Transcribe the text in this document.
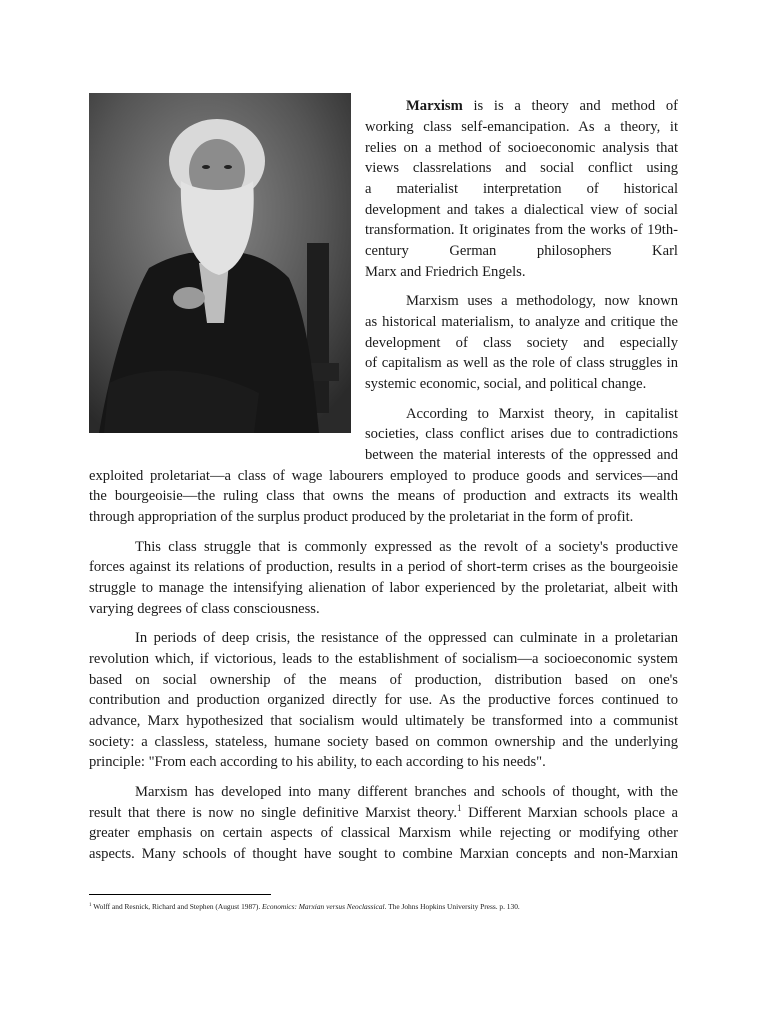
Marxism is is a theory and method of
working class self-emancipation. As a theory, it
relies on a method of socioeconomic analysis that
views classrelations and social conflict using
a materialist interpretation of historical
development and takes a dialectical view of social
transformation. It originates from the works of 19th-
century German philosophers Karl
Marx and Friedrich Engels.
Marxism uses a methodology, now known
as historical materialism, to analyze and critique the
development of class society and especially
of capitalism as well as the role of class struggles in
systemic economic, social, and political change.
According to Marxist theory, in capitalist
societies, class conflict arises due to contradictions
between the material interests of the oppressed and
exploited proletariat—a class of wage labourers employed to produce goods and services—and
the bourgeoisie—the ruling class that owns the means of production and extracts its wealth
through appropriation of the surplus product produced by the proletariat in the form of profit.
This class struggle that is commonly expressed as the revolt of a society's productive
forces against its relations of production, results in a period of short-term crises as the bourgeoisie
struggle to manage the intensifying alienation of labor experienced by the proletariat, albeit with
varying degrees of class consciousness.
In periods of deep crisis, the resistance of the oppressed can culminate in a proletarian
revolution which, if victorious, leads to the establishment of socialism—a socioeconomic system
based on social ownership of the means of production, distribution based on one's
contribution and production organized directly for use. As the productive forces continued to
advance, Marx hypothesized that socialism would ultimately be transformed into a communist
society: a classless, stateless, humane society based on common ownership and the underlying
principle: "From each according to his ability, to each according to his needs".
Marxism has developed into many different branches and schools of thought, with the
result that there is now no single definitive Marxist theory.$^1$ Different Marxian schools place a
greater emphasis on certain aspects of classical Marxism while rejecting or modifying other
aspects. Many schools of thought have sought to combine Marxian concepts and non-Marxian
$^1$ Wolff and Resnick, Richard and Stephen (August 1987). Economics: Marxian versus Neoclassical. The Johns Hopkins University Press. p. 130.
